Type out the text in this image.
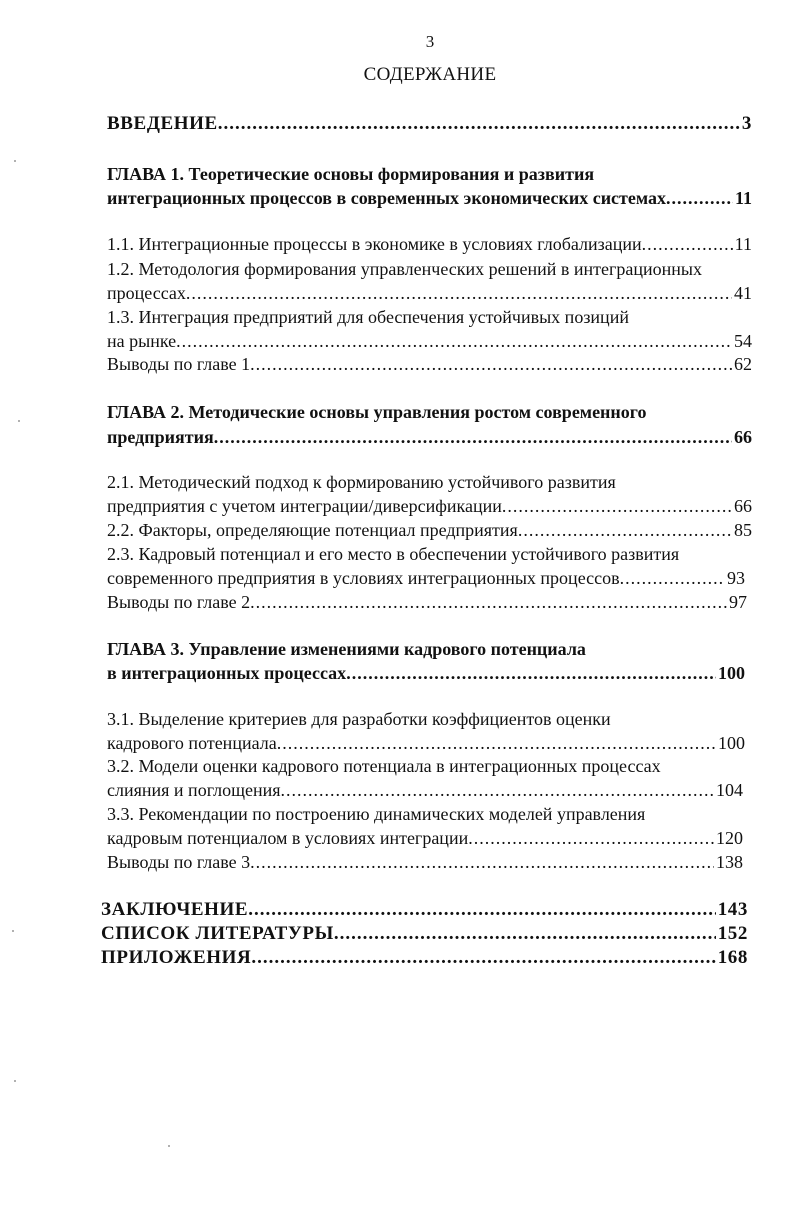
3
СОДЕРЖАНИЕ
ВВЕДЕНИЕ .....	3
ГЛАВА 1. Теоретические основы формирования и развития
интеграционных процессов в современных экономических системах .....	11
1.1. Интеграционные процессы в экономике в условиях глобализации .....	11
1.2. Методология формирования управленческих решений в интеграционных
процессах .....	41
1.3. Интеграция предприятий для обеспечения устойчивых позиций
на рынке .....	54
Выводы по главе 1 .....	62
ГЛАВА 2. Методические основы управления ростом современного
предприятия .....	66
2.1. Методический подход к формированию устойчивого развития
предприятия с учетом интеграции/диверсификации .....	66
2.2. Факторы, определяющие потенциал предприятия .....	85
2.3. Кадровый потенциал и его место в обеспечении устойчивого развития
современного предприятия в условиях интеграционных процессов .....	93
Выводы по главе 2 .....	97
ГЛАВА 3. Управление изменениями кадрового потенциала
в интеграционных процессах .....	100
3.1. Выделение критериев для разработки коэффициентов оценки
кадрового потенциала .....	100
3.2. Модели оценки кадрового потенциала в интеграционных процессах
слияния и поглощения .....	104
3.3. Рекомендации по построению динамических моделей управления
кадровым потенциалом в условиях интеграции .....	120
Выводы по главе 3 .....	138
ЗАКЛЮЧЕНИЕ .....	143
СПИСОК ЛИТЕРАТУРЫ .....	152
ПРИЛОЖЕНИЯ .....	168
